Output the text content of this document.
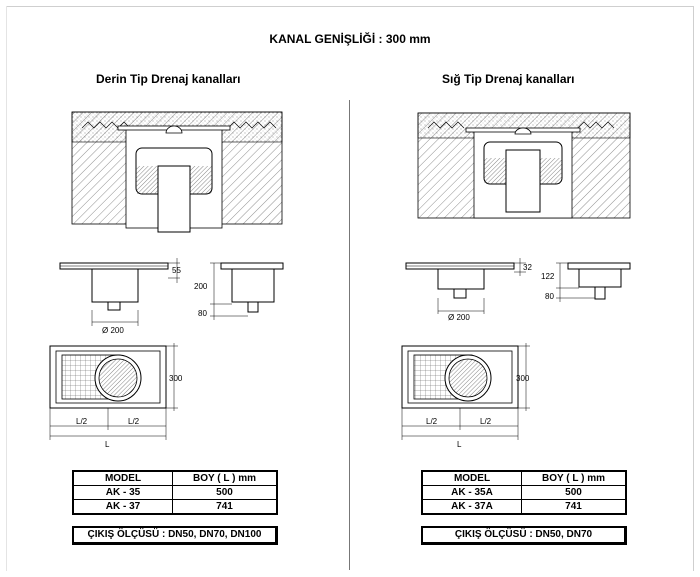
KANAL GENİŞLİĞİ : 300 mm
Derin Tip Drenaj kanalları	Sığ Tip Drenaj kanalları
55
Ø 200
200
80
300
L/2	L/2
L
32
Ø 200
122
80
300
L/2	L/2
L
MODEL	BOY ( L ) mm
AK - 35	500
AK - 37	741
MODEL	BOY ( L ) mm
AK - 35A	500
AK - 37A	741
ÇIKIŞ ÖLÇÜSÜ : DN50, DN70, DN100	ÇIKIŞ ÖLÇÜSÜ : DN50, DN70
